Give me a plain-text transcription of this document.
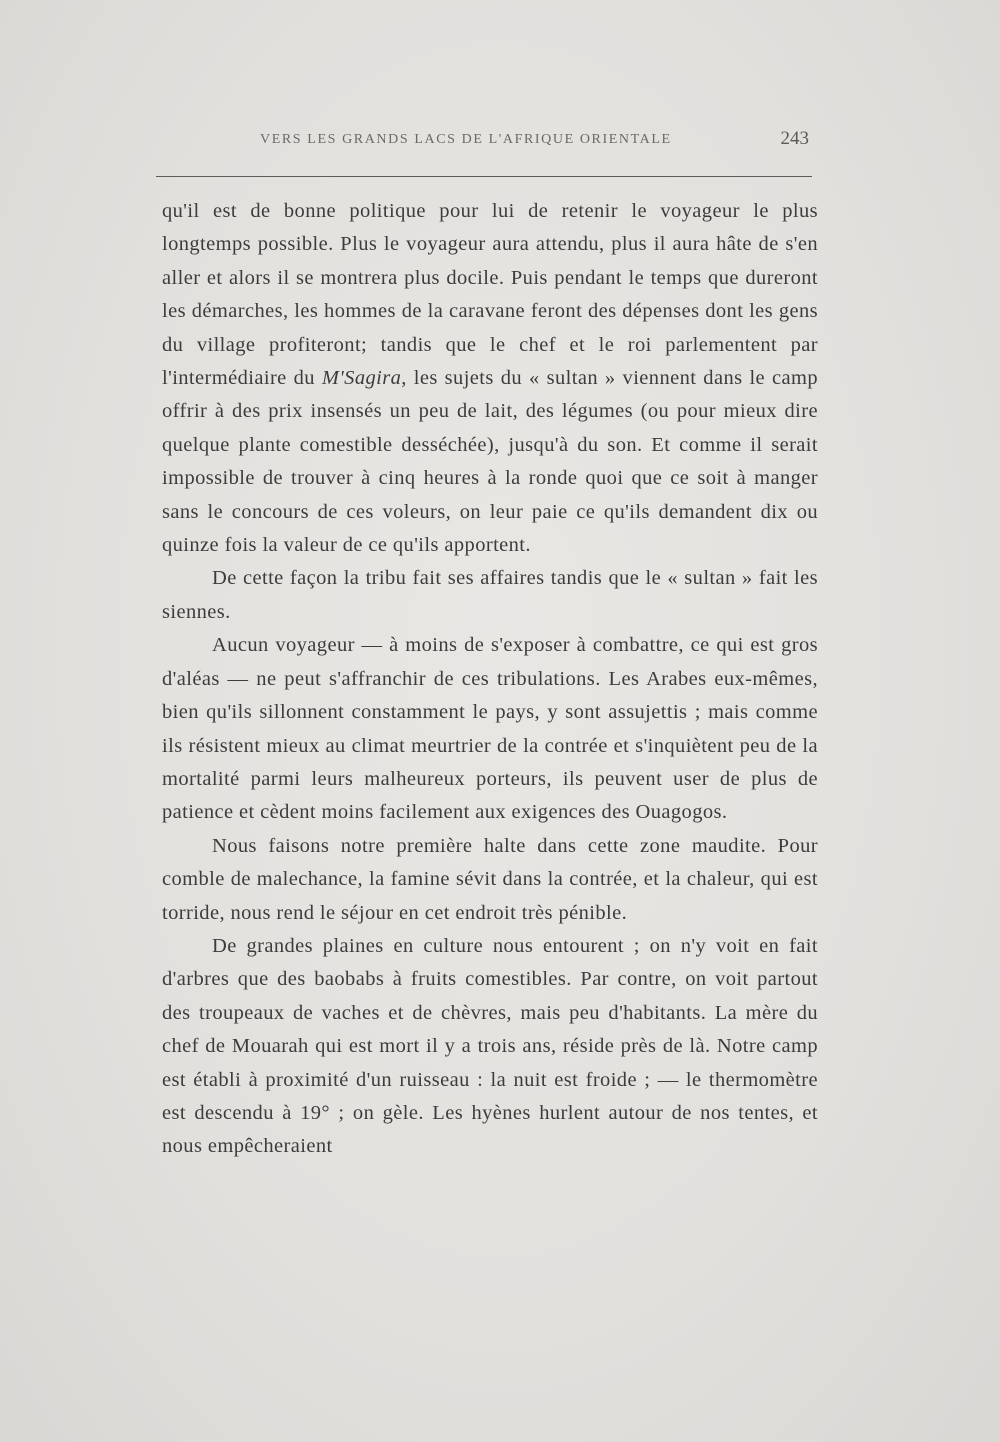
VERS LES GRANDS LACS DE L'AFRIQUE ORIENTALE	243

qu'il est de bonne politique pour lui de retenir le voyageur le plus longtemps possible. Plus le voyageur aura attendu, plus il aura hâte de s'en aller et alors il se montrera plus docile. Puis pendant le temps que dureront les démarches, les hommes de la caravane feront des dépenses dont les gens du village profiteront; tandis que le chef et le roi parlementent par l'intermédiaire du M'Sagira, les sujets du « sultan » viennent dans le camp offrir à des prix insensés un peu de lait, des légumes (ou pour mieux dire quelque plante comestible desséchée), jusqu'à du son. Et comme il serait impossible de trouver à cinq heures à la ronde quoi que ce soit à manger sans le concours de ces voleurs, on leur paie ce qu'ils demandent dix ou quinze fois la valeur de ce qu'ils apportent.

De cette façon la tribu fait ses affaires tandis que le « sultan » fait les siennes.

Aucun voyageur — à moins de s'exposer à combattre, ce qui est gros d'aléas — ne peut s'affranchir de ces tribulations. Les Arabes eux-mêmes, bien qu'ils sillonnent constamment le pays, y sont assujettis ; mais comme ils résistent mieux au climat meurtrier de la contrée et s'inquiètent peu de la mortalité parmi leurs malheureux porteurs, ils peuvent user de plus de patience et cèdent moins facilement aux exigences des Ouagogos.

Nous faisons notre première halte dans cette zone maudite. Pour comble de malechance, la famine sévit dans la contrée, et la chaleur, qui est torride, nous rend le séjour en cet endroit très pénible.

De grandes plaines en culture nous entourent ; on n'y voit en fait d'arbres que des baobabs à fruits comestibles. Par contre, on voit partout des troupeaux de vaches et de chèvres, mais peu d'habitants. La mère du chef de Mouarah qui est mort il y a trois ans, réside près de là. Notre camp est établi à proximité d'un ruisseau : la nuit est froide ; — le thermomètre est descendu à 19° ; on gèle. Les hyènes hurlent autour de nos tentes, et nous empêcheraient
